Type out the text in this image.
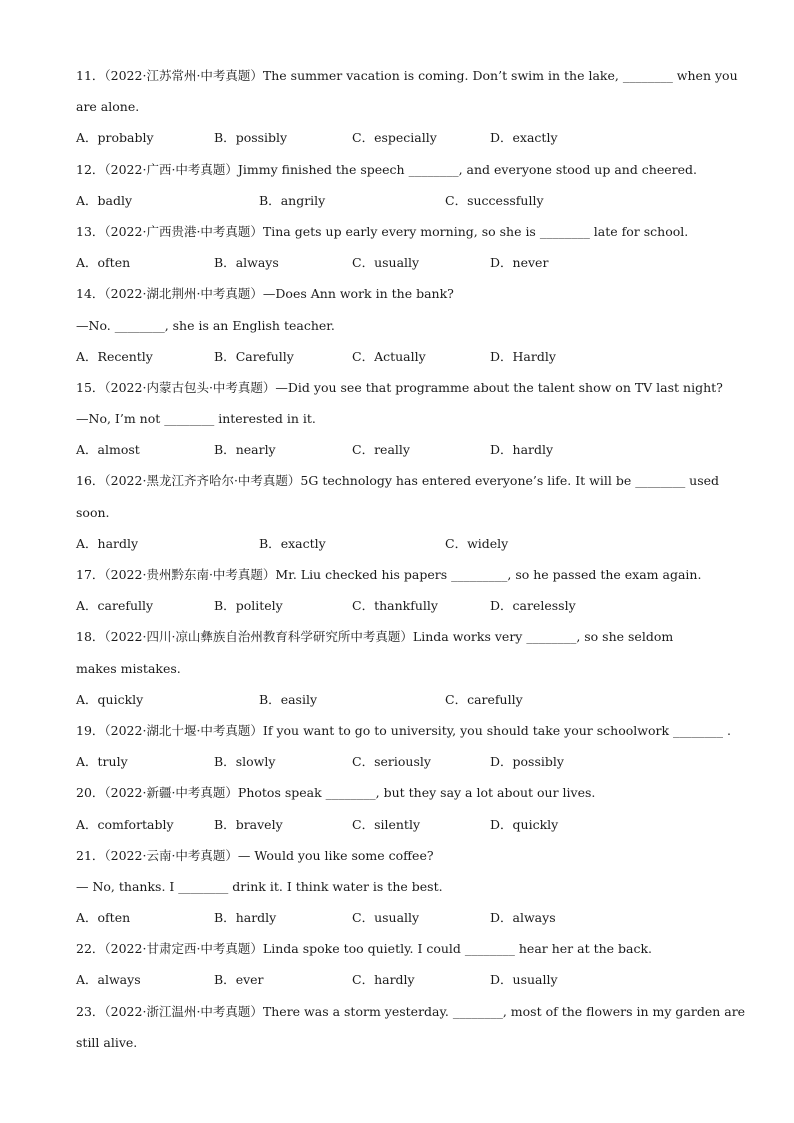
11．（2022·江苏常州·中考真题）The summer vacation is coming. Don’t swim in the lake, ________ when you
are alone.
A．probably	B．possibly	C．especially	D．exactly
12．（2022·广西·中考真题）Jimmy finished the speech ________, and everyone stood up and cheered.
A．badly	B．angrily	C．successfully
13．（2022·广西贵港·中考真题）Tina gets up early every morning, so she is ________ late for school.
A．often	B．always	C．usually	D．never
14．（2022·湖北荆州·中考真题）—Does Ann work in the bank?
—No. ________, she is an English teacher.
A．Recently	B．Carefully	C．Actually	D．Hardly
15．（2022·内蒙古包头·中考真题）—Did you see that programme about the talent show on TV last night?
—No, I’m not ________ interested in it.
A．almost	B．nearly	C．really	D．hardly
16．（2022·黑龙江齐齐哈尔·中考真题）5G technology has entered everyone’s life. It will be ________ used
soon.
A．hardly	B．exactly	C．widely
17．（2022·贵州黔东南·中考真题）Mr. Liu checked his papers _________, so he passed the exam again.
A．carefully	B．politely	C．thankfully	D．carelessly
18．（2022·四川·凉山彝族自治州教育科学研究所中考真题）Linda works very ________, so she seldom
makes mistakes.
A．quickly	B．easily	C．carefully
19．（2022·湖北十堰·中考真题）If you want to go to university, you should take your schoolwork ________ .
A．truly	B．slowly	C．seriously	D．possibly
20．（2022·新疆·中考真题）Photos speak ________, but they say a lot about our lives.
A．comfortably	B．bravely	C．silently	D．quickly
21．（2022·云南·中考真题）— Would you like some coffee?
— No, thanks. I ________ drink it. I think water is the best.
A．often	B．hardly	C．usually	D．always
22．（2022·甘肃定西·中考真题）Linda spoke too quietly. I could ________ hear her at the back.
A．always	B．ever	C．hardly	D．usually
23．（2022·浙江温州·中考真题）There was a storm yesterday. ________, most of the flowers in my garden are
still alive.
